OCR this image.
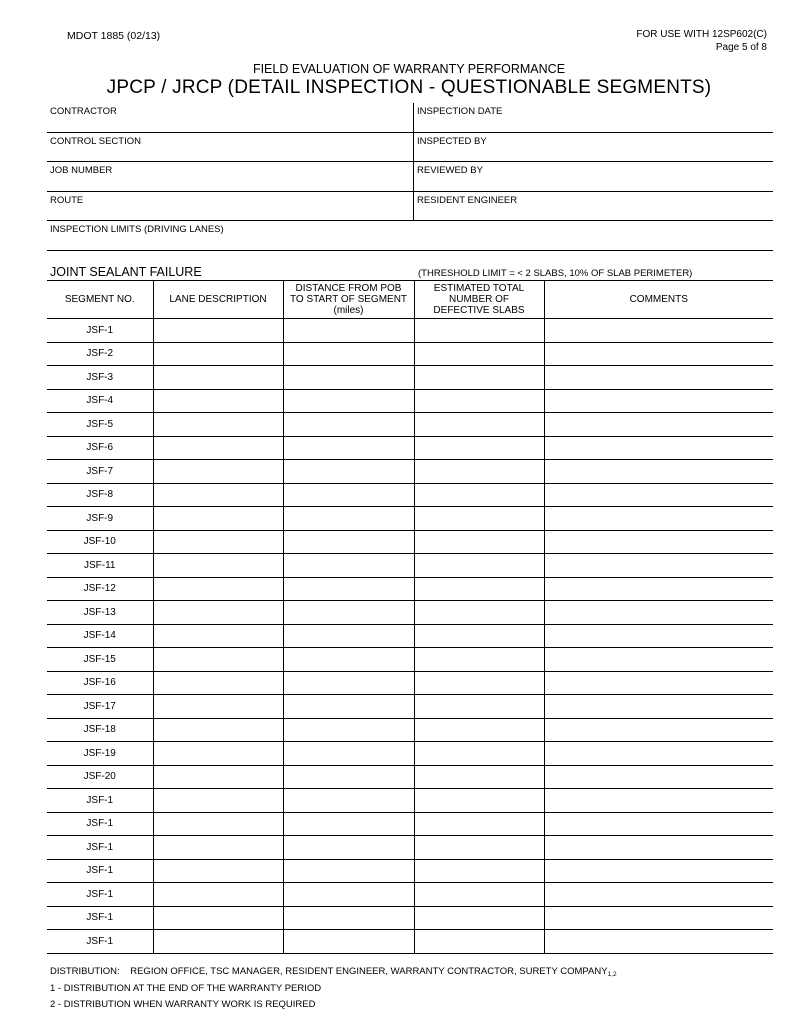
MDOT 1885 (02/13)	FOR USE WITH 12SP602(C)
Page 5 of 8
FIELD EVALUATION OF WARRANTY PERFORMANCE
JPCP / JRCP (DETAIL INSPECTION - QUESTIONABLE SEGMENTS)
CONTRACTOR	INSPECTION DATE
CONTROL SECTION	INSPECTED BY
JOB NUMBER	REVIEWED BY
ROUTE	RESIDENT ENGINEER
INSPECTION LIMITS (DRIVING LANES)
JOINT SEALANT FAILURE	(THRESHOLD LIMIT = < 2 SLABS, 10% OF SLAB PERIMETER)
SEGMENT NO.	LANE DESCRIPTION	DISTANCE FROM POB TO START OF SEGMENT (miles)	ESTIMATED TOTAL NUMBER OF DEFECTIVE SLABS	COMMENTS
JSF-1				
JSF-2				
JSF-3				
JSF-4				
JSF-5				
JSF-6				
JSF-7				
JSF-8				
JSF-9				
JSF-10				
JSF-11				
JSF-12				
JSF-13				
JSF-14				
JSF-15				
JSF-16				
JSF-17				
JSF-18				
JSF-19				
JSF-20				
JSF-1				
JSF-1				
JSF-1				
JSF-1				
JSF-1				
JSF-1				
JSF-1				
DISTRIBUTION: REGION OFFICE, TSC MANAGER, RESIDENT ENGINEER, WARRANTY CONTRACTOR, SURETY $COMPANY_{1,2}$
1 - DISTRIBUTION AT THE END OF THE WARRANTY PERIOD
2 - DISTRIBUTION WHEN WARRANTY WORK IS REQUIRED
